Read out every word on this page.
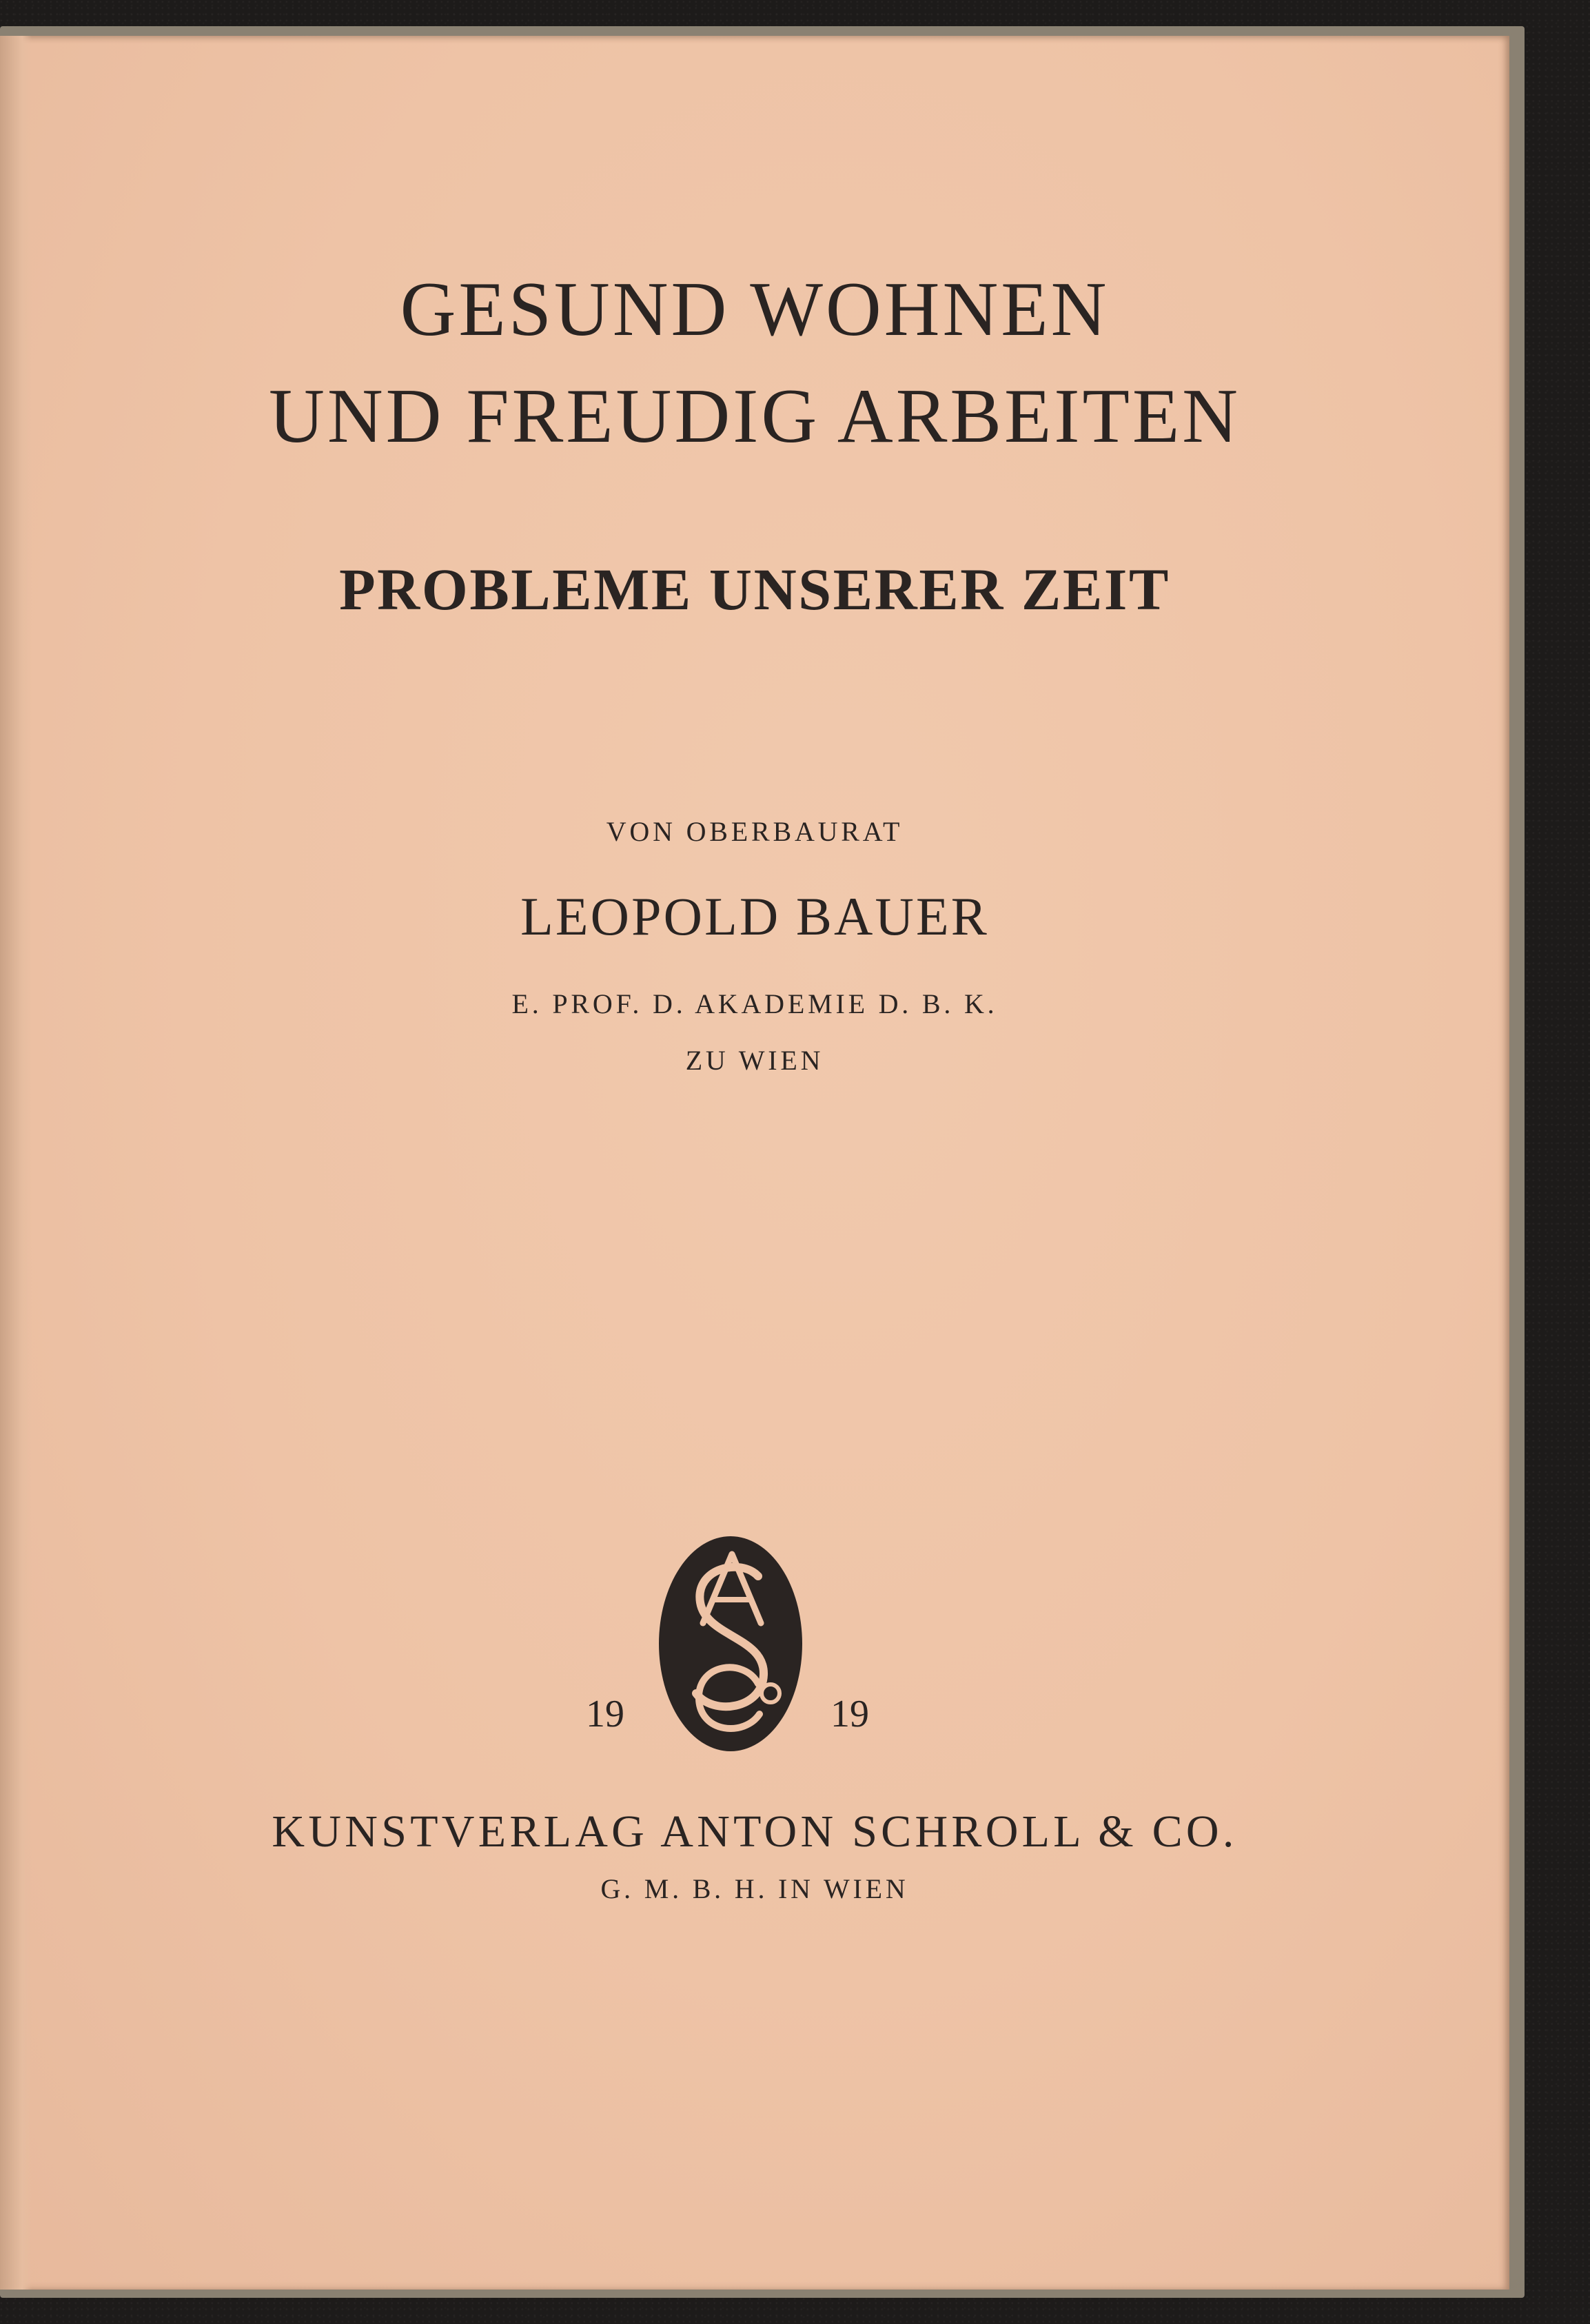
GESUND WOHNEN
UND FREUDIG ARBEITEN
PROBLEME UNSERER ZEIT
VON OBERBAURAT
LEOPOLD BAUER
E. PROF. D. AKADEMIE D. B. K.
ZU WIEN
19	19
KUNSTVERLAG ANTON SCHROLL & CO.
G. M. B. H. IN WIEN
